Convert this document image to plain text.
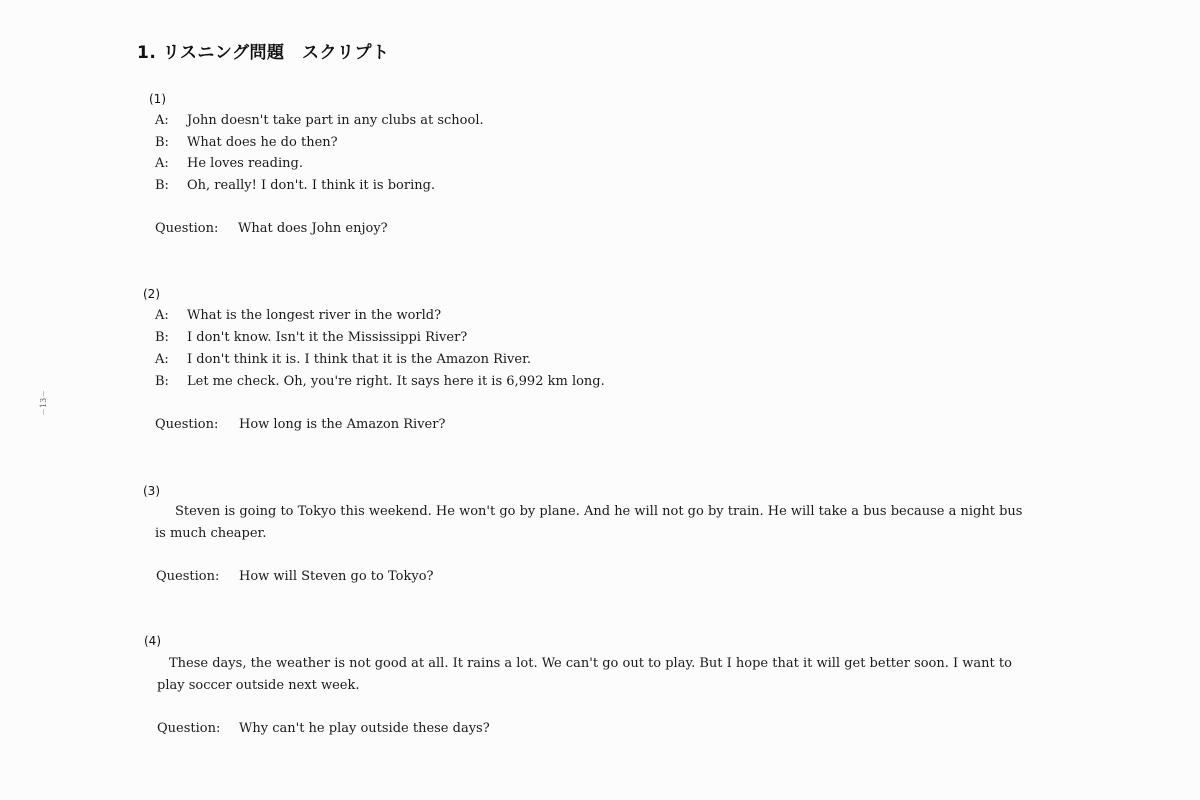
1. リスニング問題　スクリプト
－13－
(1)
A:	John doesn't take part in any clubs at school.
B:	What does he do then?
A:	He loves reading.
B:	Oh, really! I don't. I think it is boring.
Question: What does John enjoy?
(2)
A:	What is the longest river in the world?
B:	I don't know. Isn't it the Mississippi River?
A:	I don't think it is. I think that it is the Amazon River.
B:	Let me check. Oh, you're right. It says here it is 6,992 km long.
Question: How long is the Amazon River?
(3)
Steven is going to Tokyo this weekend. He won't go by plane. And he will not go by train. He will take a bus because a night bus
is much cheaper.
Question: How will Steven go to Tokyo?
(4)
These days, the weather is not good at all. It rains a lot. We can't go out to play. But I hope that it will get better soon. I want to
play soccer outside next week.
Question: Why can't he play outside these days?
